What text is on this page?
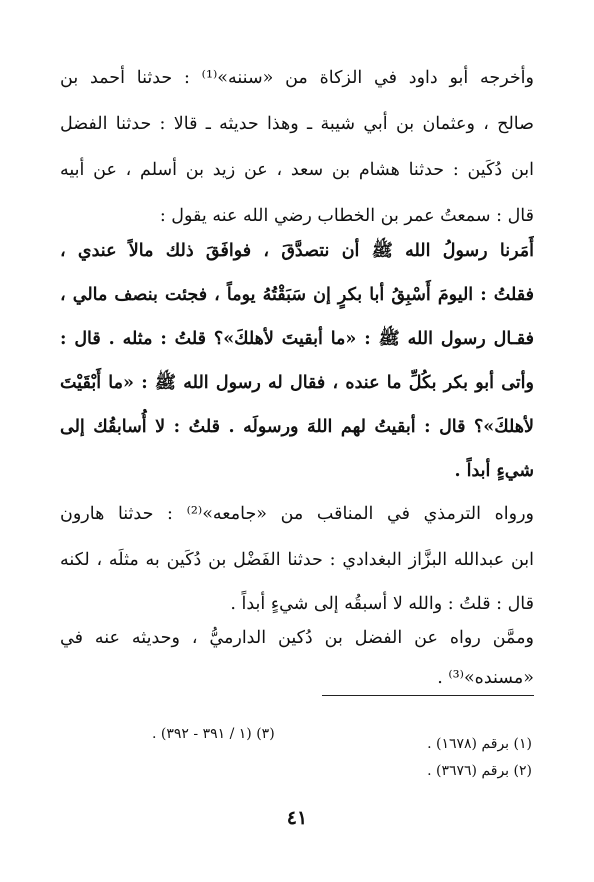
وأخرجه أبو داود في الزكاة من «سننه»⁽¹⁾ : حدثنا أحمد بن
صالح ، وعثمان بن أبي شيبة ـ وهذا حديثه ـ قالا : حدثنا الفضل
ابن دُكَين : حدثنا هشام بن سعد ، عن زيد بن أسلم ، عن أبيه
قال : سمعتُ عمر بن الخطاب رضي الله عنه يقول :
أَمَرنا رسولُ الله ﷺ أن نتصدَّقَ ، فوافَقَ ذلك مالاً عندي ،
فقلتُ : اليومَ أَسْبِقُ أبا بكرٍ إن سَبَقْتُهُ يوماً ، فجئت بنصف مالي ،
فقـال رسول الله ﷺ : «ما أبقيتَ لأهلكَ»؟ قلتُ : مثله . قال :
وأتى أبو بكر بكُلِّ ما عنده ، فقال له رسول الله ﷺ : «ما أَبْقَيْتَ
لأهلكَ»؟ قال : أبقيتُ لهم اللهَ ورسولَه . قلتُ : لا أُسابقُك إلى
شيءٍ أبداً .
ورواه الترمذي في المناقب من «جامعه»⁽²⁾ : حدثنا هارون
ابن عبدالله البزَّاز البغدادي : حدثنا الفَضْل بن دُكَين به مثلَه ، لكنه
قال : قلتُ : والله لا أسبقُه إلى شيءٍ أبداً .
وممَّن رواه عن الفضل بن دُكين الدارميُّ ، وحديثه عنه في
«مسنده»⁽³⁾ .
(١) برقم (١٦٧٨) .
(٣) (١ / ٣٩١ - ٣٩٢) .
(٢) برقم (٣٦٧٦) .
٤١
